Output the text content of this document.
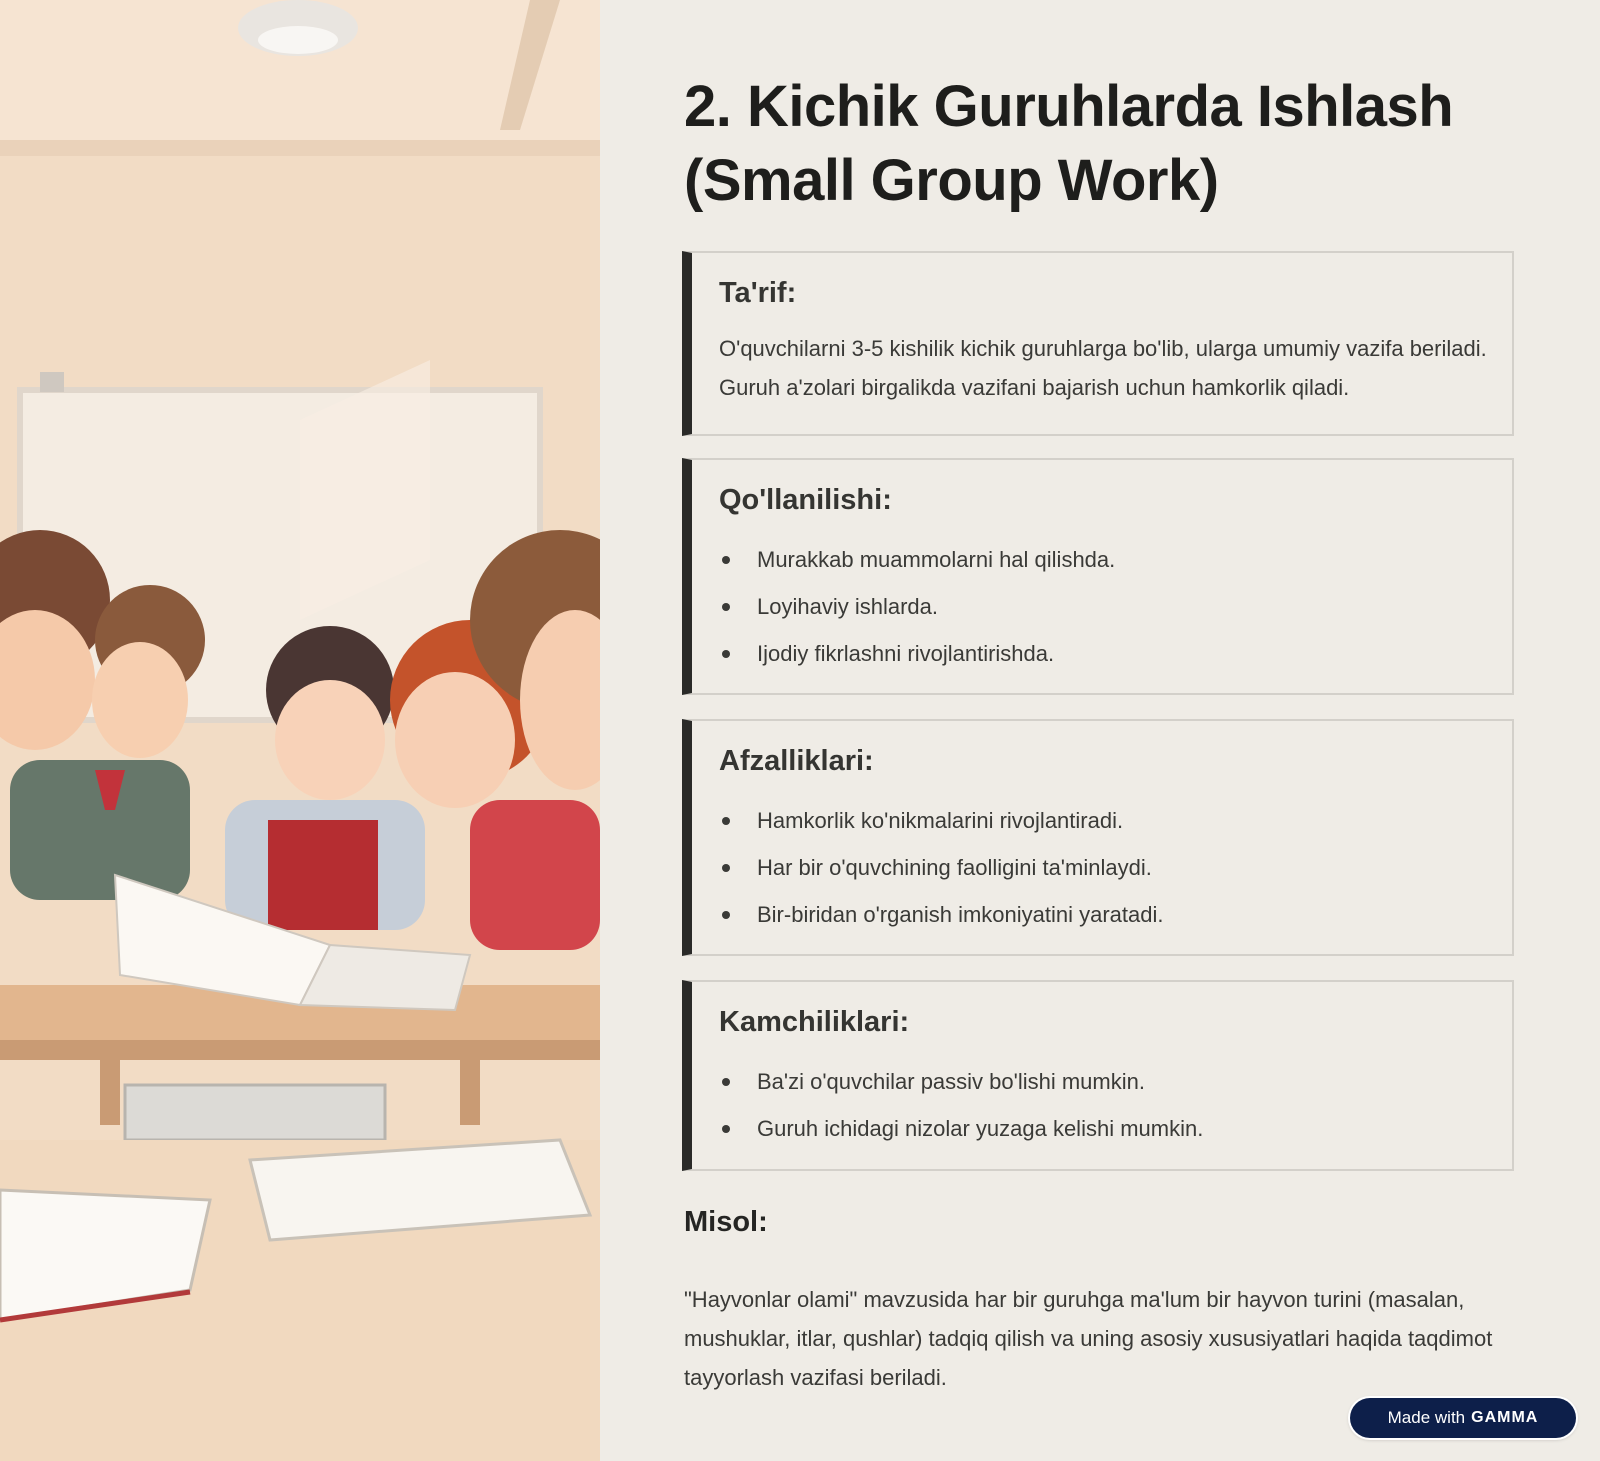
2. Kichik Guruhlarda Ishlash (Small Group Work)
Ta'rif:

O'quvchilarni 3-5 kishilik kichik guruhlarga bo'lib, ularga umumiy vazifa beriladi. Guruh a'zolari birgalikda vazifani bajarish uchun hamkorlik qiladi.

Qo'llanilishi:
Murakkab muammolarni hal qilishda.
Loyihaviy ishlarda.
Ijodiy fikrlashni rivojlantirishda.
Afzalliklari:
Hamkorlik ko'nikmalarini rivojlantiradi.
Har bir o'quvchining faolligini ta'minlaydi.
Bir-biridan o'rganish imkoniyatini yaratadi.
Kamchiliklari:
Ba'zi o'quvchilar passiv bo'lishi mumkin.
Guruh ichidagi nizolar yuzaga kelishi mumkin.
Misol:

"Hayvonlar olami" mavzusida har bir guruhga ma'lum bir hayvon turini (masalan, mushuklar, itlar, qushlar) tadqiq qilish va uning asosiy xususiyatlari haqida taqdimot tayyorlash vazifasi beriladi.

Made with GAMMA
